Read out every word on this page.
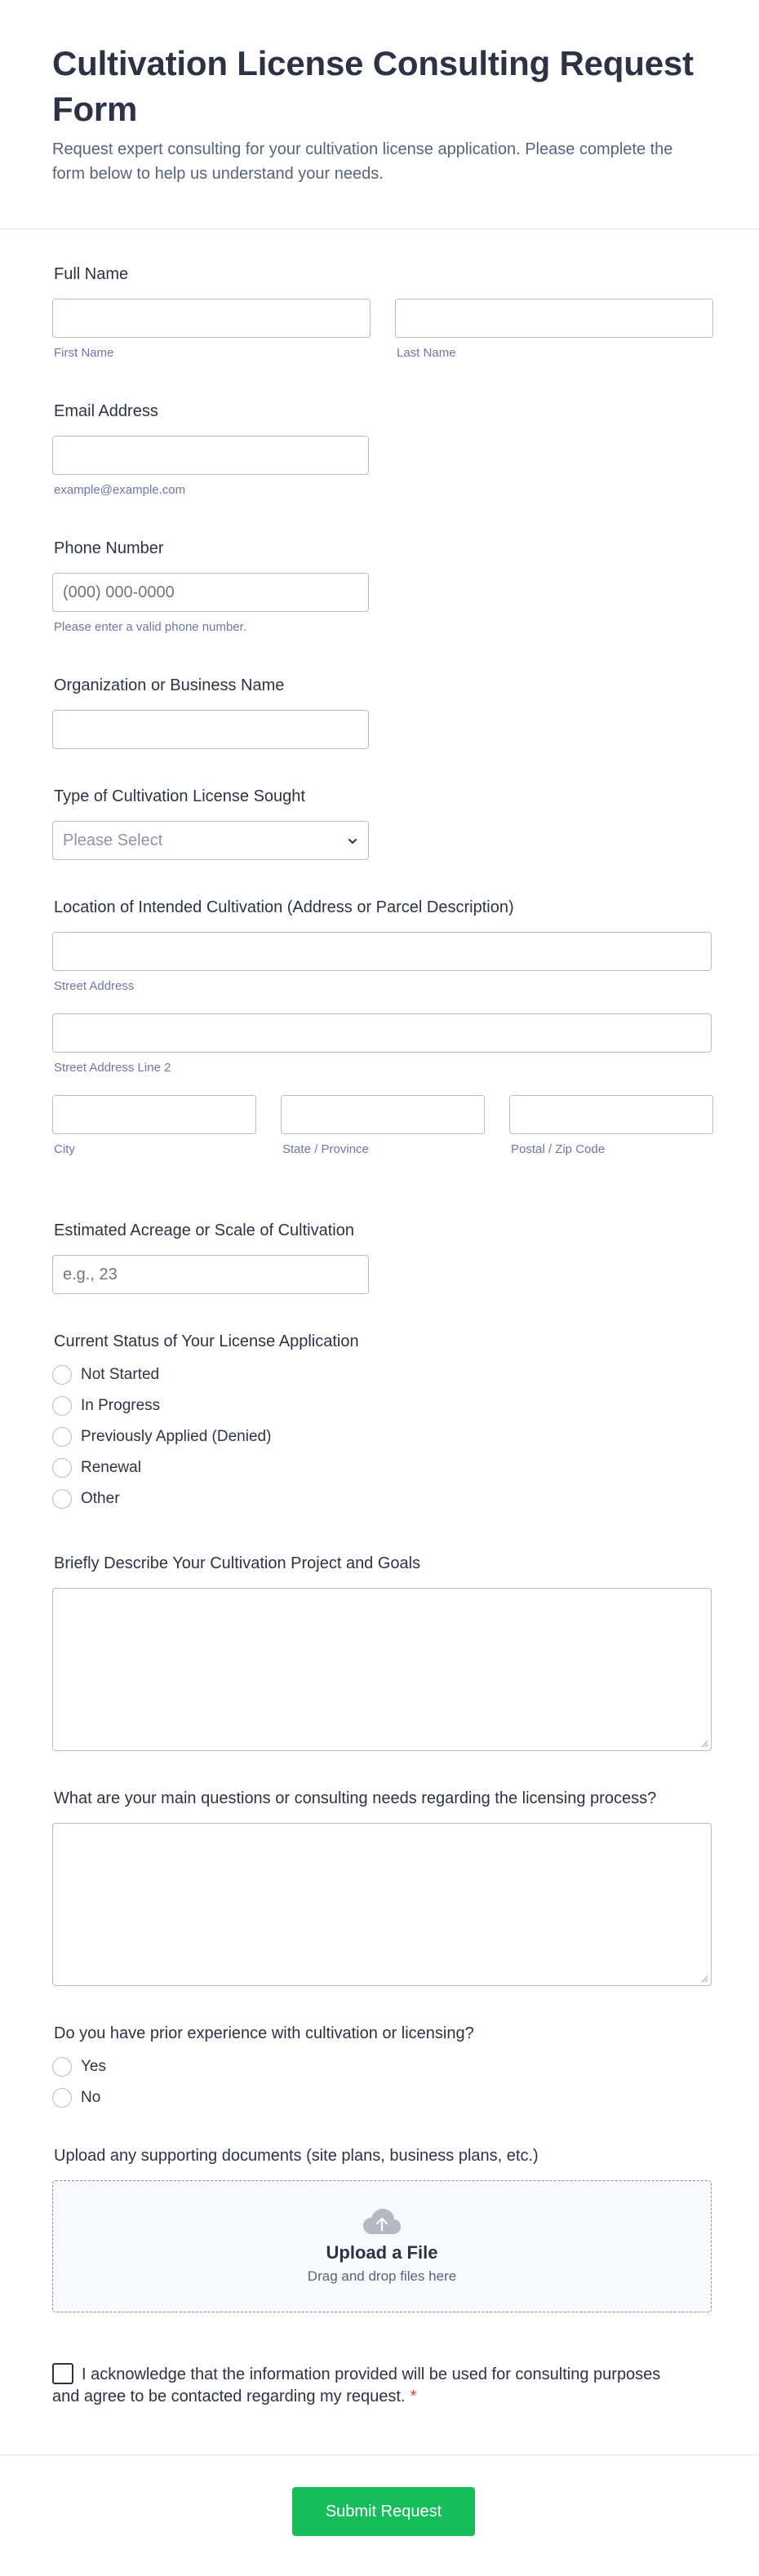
Cultivation License Consulting Request Form

Request expert consulting for your cultivation license application. Please complete the form below to help us understand your needs.

Full Name
First Name	Last Name
Email Address
example@example.com
Phone Number
(000) 000-0000
Please enter a valid phone number.
Organization or Business Name
Type of Cultivation License Sought
Please Select
Location of Intended Cultivation (Address or Parcel Description)
Street Address
Street Address Line 2
City	State / Province	Postal / Zip Code
Estimated Acreage or Scale of Cultivation
e.g., 23
Current Status of Your License Application
Not Started
In Progress
Previously Applied (Denied)
Renewal
Other
Briefly Describe Your Cultivation Project and Goals
What are your main questions or consulting needs regarding the licensing process?
Do you have prior experience with cultivation or licensing?
Yes
No
Upload any supporting documents (site plans, business plans, etc.)
Upload a File
Drag and drop files here
I acknowledge that the information provided will be used for consulting purposes and agree to be contacted regarding my request. *
Submit Request
